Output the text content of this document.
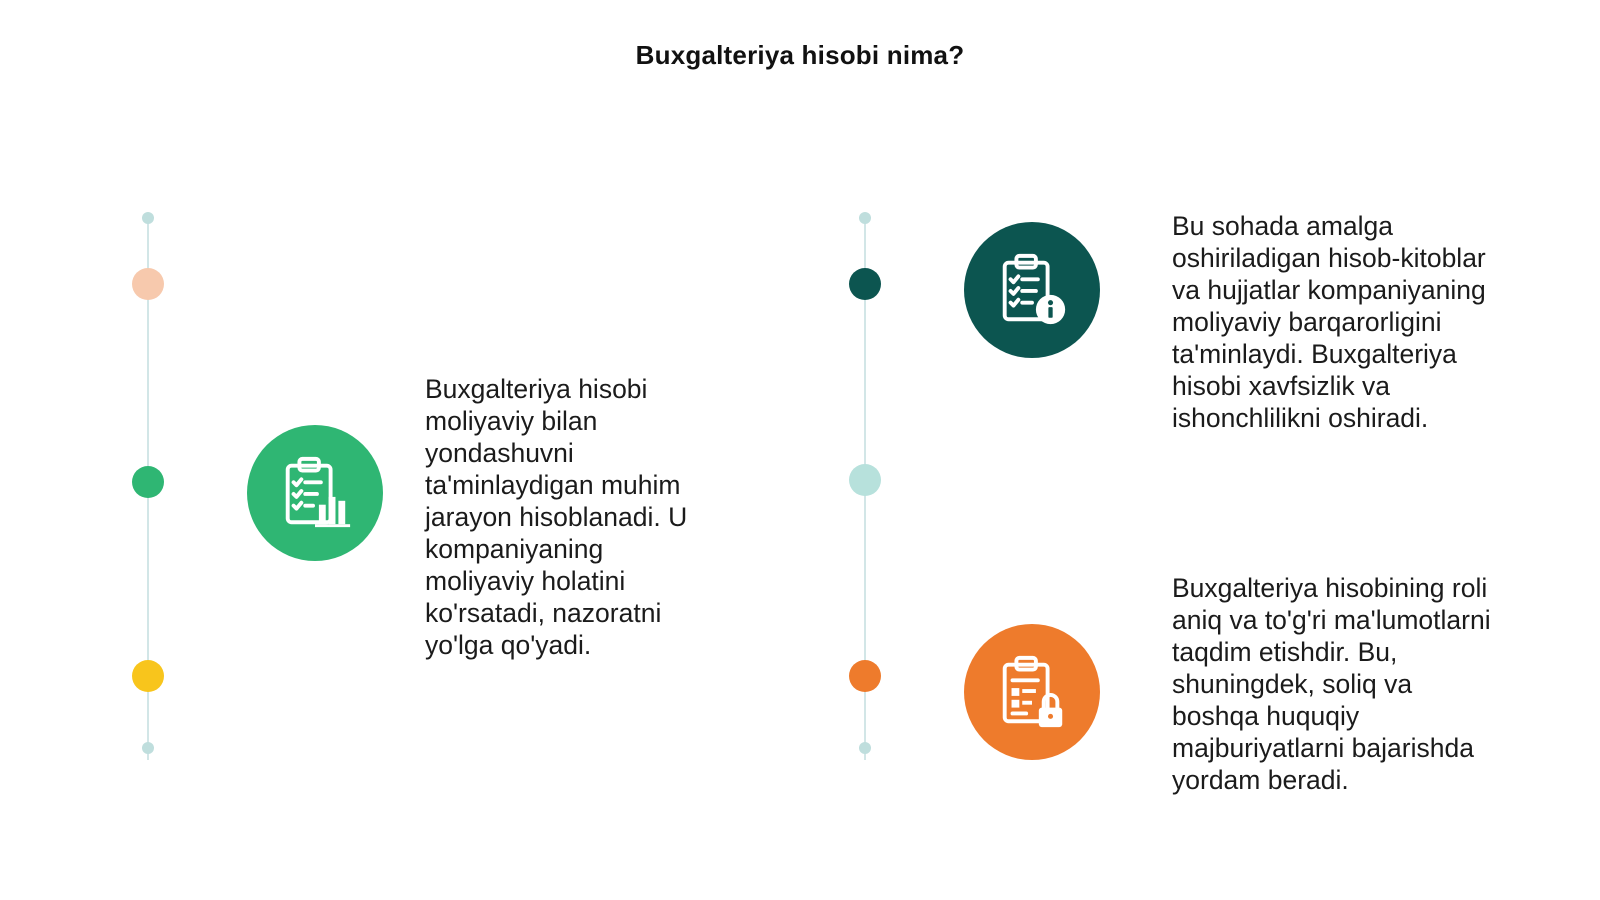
Buxgalteriya hisobi nima?
Buxgalteriya hisobi
moliyaviy bilan
yondashuvni
ta'minlaydigan muhim
jarayon hisoblanadi. U
kompaniyaning
moliyaviy holatini
ko'rsatadi, nazoratni
yo'lga qo'yadi.
Bu sohada amalga
oshiriladigan hisob-kitoblar
va hujjatlar kompaniyaning
moliyaviy barqarorligini
ta'minlaydi. Buxgalteriya
hisobi xavfsizlik va
ishonchlilikni oshiradi.
Buxgalteriya hisobining roli
aniq va to'g'ri ma'lumotlarni
taqdim etishdir. Bu,
shuningdek, soliq va
boshqa huquqiy
majburiyatlarni bajarishda
yordam beradi.
